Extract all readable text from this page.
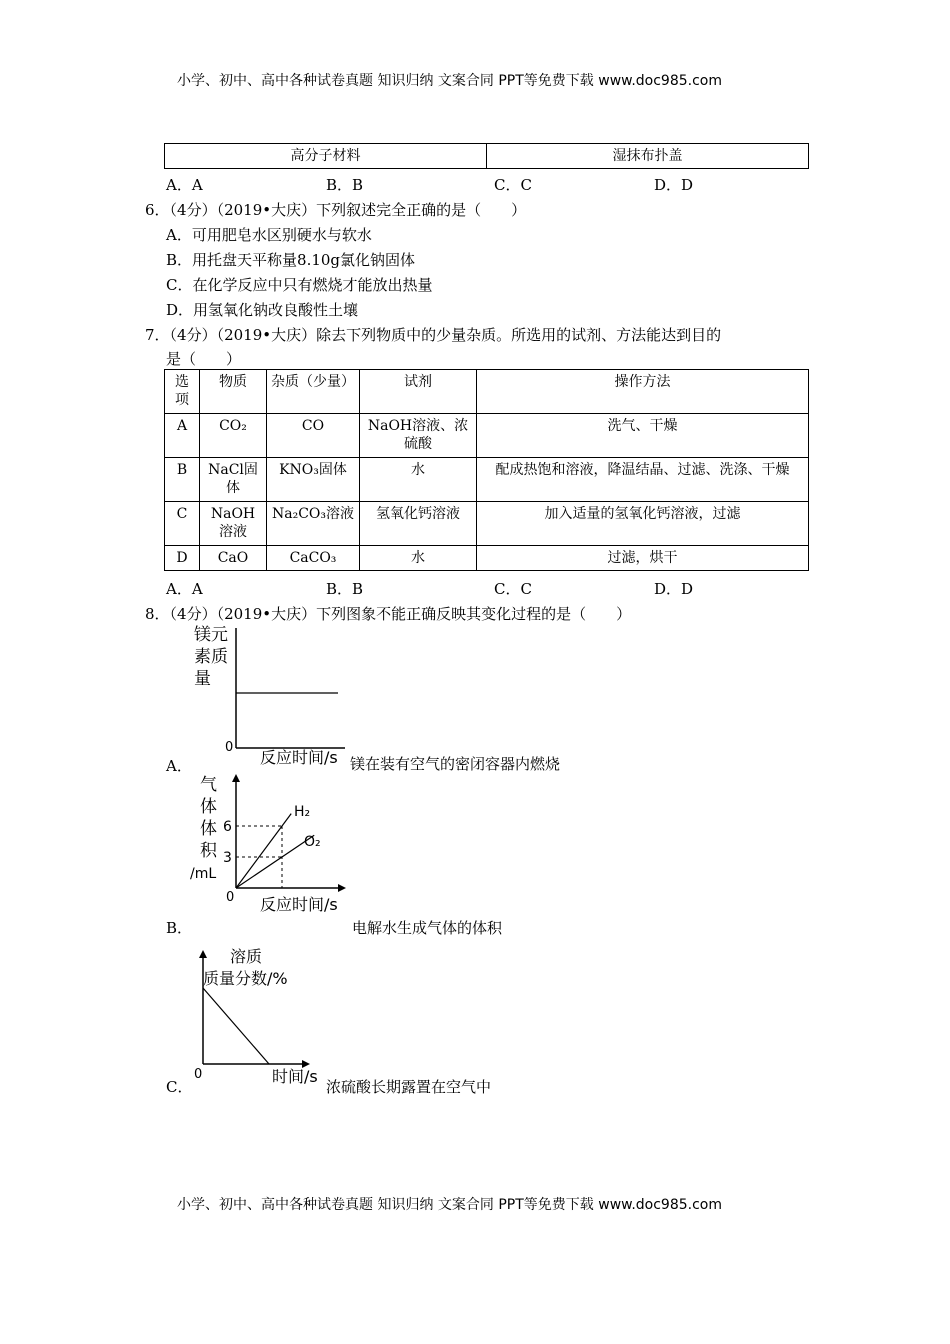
小学、初中、高中各种试卷真题 知识归纳 文案合同 PPT等免费下载 www.doc985.com
高分子材料	湿抹布扑盖
A．A	B．B	C．C	D．D
6．（4分）（2019•大庆）下列叙述完全正确的是（　　）
A．可用肥皂水区别硬水与软水
B．用托盘天平称量8.10g氯化钠固体
C．在化学反应中只有燃烧才能放出热量
D．用氢氧化钠改良酸性土壤
7．（4分）（2019•大庆）除去下列物质中的少量杂质。所选用的试剂、方法能达到目的
是（　　）
选项	物质	杂质（少量）	试剂	操作方法
A	CO₂	CO	NaOH溶液、浓硫酸	洗气、干燥
B	NaCl固体	KNO₃固体	水	配成热饱和溶液，降温结晶、过滤、洗涤、干燥
C	NaOH溶液	Na₂CO₃溶液	氢氧化钙溶液	加入适量的氢氧化钙溶液，过滤
D	CaO	CaCO₃	水	过滤，烘干
A．A	B．B	C．C	D．D
8．（4分）（2019•大庆）下列图象不能正确反映其变化过程的是（　　）
A．
镁元
素质
量
0
反应时间/s 镁在装有空气的密闭容器内燃烧
B．
气
体
体
积
/mL
6
3
0
H₂
O₂
反应时间/s
电解水生成气体的体积
C．
溶质
质量分数/%
0	时间/s
浓硫酸长期露置在空气中
小学、初中、高中各种试卷真题 知识归纳 文案合同 PPT等免费下载 www.doc985.com
